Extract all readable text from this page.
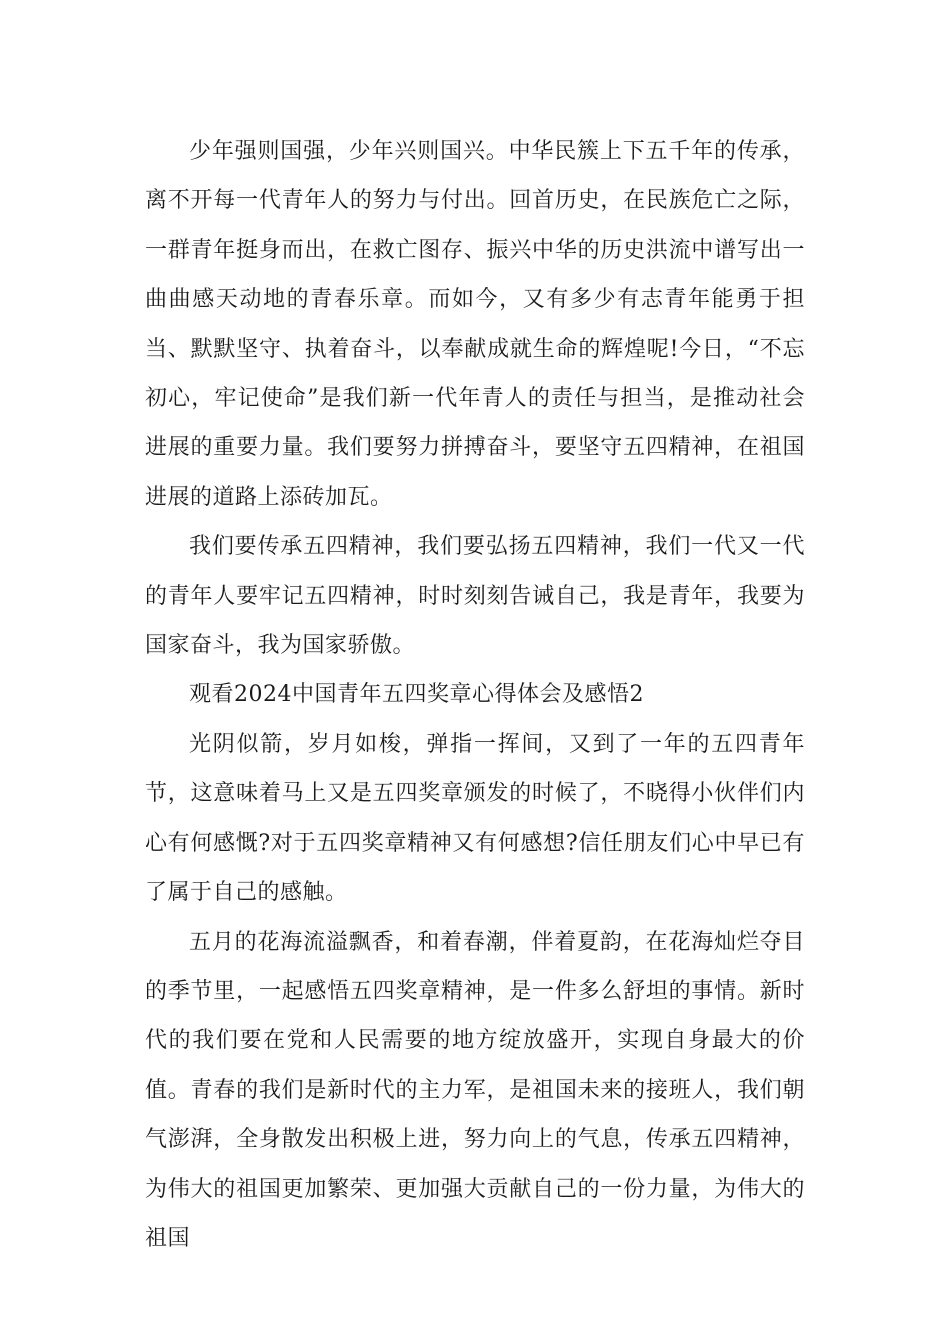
少年强则国强，少年兴则国兴。中华民簇上下五千年的传承，离不开每一代青年人的努力与付出。回首历史，在民族危亡之际，一群青年挺身而出，在救亡图存、振兴中华的历史洪流中谱写出一曲曲感天动地的青春乐章。而如今，又有多少有志青年能勇于担当、默默坚守、执着奋斗，以奉献成就生命的辉煌呢!今日，“不忘初心，牢记使命”是我们新一代年青人的责任与担当，是推动社会进展的重要力量。我们要努力拼搏奋斗，要坚守五四精神，在祖国进展的道路上添砖加瓦。

我们要传承五四精神，我们要弘扬五四精神，我们一代又一代的青年人要牢记五四精神，时时刻刻告诫自己，我是青年，我要为国家奋斗，我为国家骄傲。

观看2024中国青年五四奖章心得体会及感悟2

光阴似箭，岁月如梭，弹指一挥间，又到了一年的五四青年节，这意味着马上又是五四奖章颁发的时候了，不晓得小伙伴们内心有何感慨?对于五四奖章精神又有何感想?信任朋友们心中早已有了属于自己的感触。

五月的花海流溢飘香，和着春潮，伴着夏韵，在花海灿烂夺目的季节里，一起感悟五四奖章精神，是一件多么舒坦的事情。新时代的我们要在党和人民需要的地方绽放盛开，实现自身最大的价值。青春的我们是新时代的主力军，是祖国未来的接班人，我们朝气澎湃，全身散发出积极上进，努力向上的气息，传承五四精神，为伟大的祖国更加繁荣、更加强大贡献自己的一份力量，为伟大的祖国
